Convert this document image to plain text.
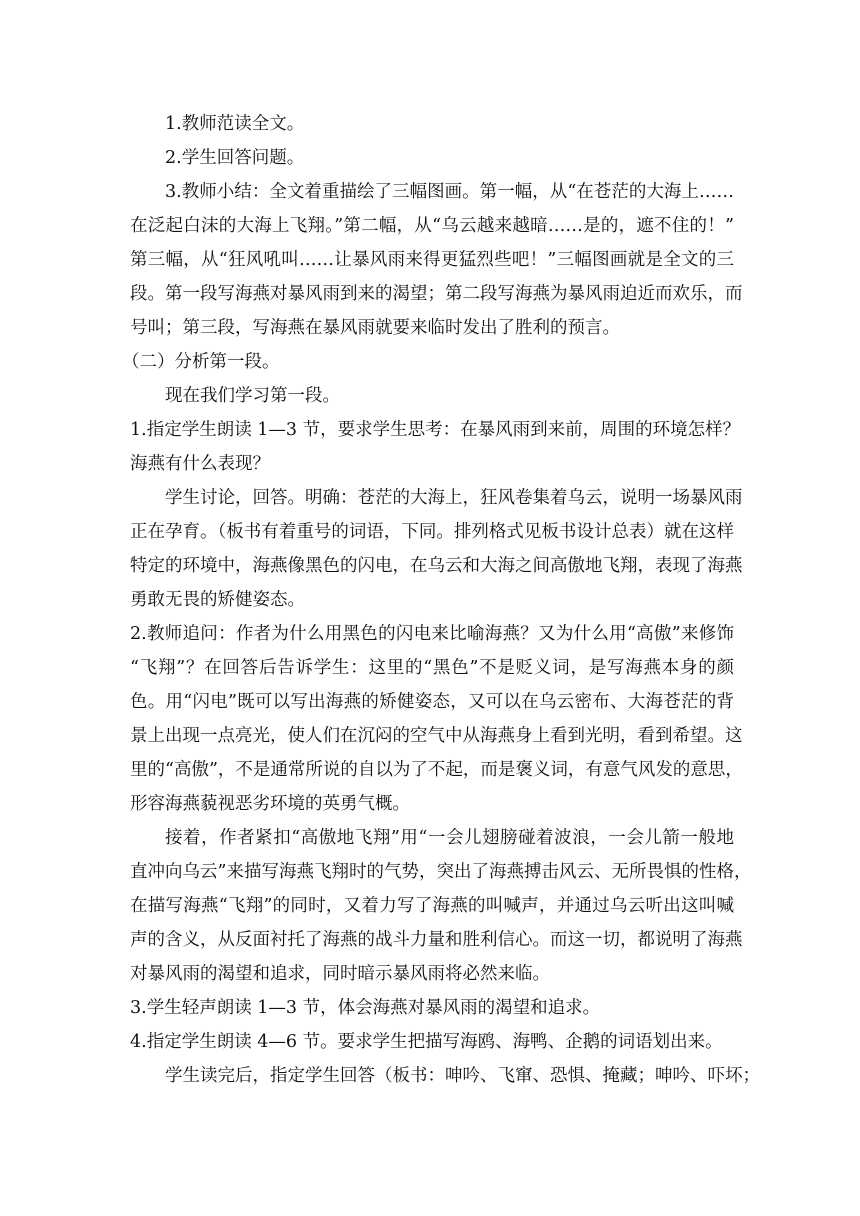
1.教师范读全文。
2.学生回答问题。
3.教师小结：全文着重描绘了三幅图画。第一幅，从“在苍茫的大海上……
在泛起白沫的大海上飞翔。”第二幅，从“乌云越来越暗……是的，遮不住的！”
第三幅，从“狂风吼叫……让暴风雨来得更猛烈些吧！”三幅图画就是全文的三
段。第一段写海燕对暴风雨到来的渴望；第二段写海燕为暴风雨迫近而欢乐，而
号叫；第三段，写海燕在暴风雨就要来临时发出了胜利的预言。
（二）分析第一段。
现在我们学习第一段。
1.指定学生朗读 1—3 节，要求学生思考：在暴风雨到来前，周围的环境怎样？
海燕有什么表现？
学生讨论，回答。明确：苍茫的大海上，狂风卷集着乌云，说明一场暴风雨
正在孕育。（板书有着重号的词语，下同。排列格式见板书设计总表）就在这样
特定的环境中，海燕像黑色的闪电，在乌云和大海之间高傲地飞翔，表现了海燕
勇敢无畏的矫健姿态。
2.教师追问：作者为什么用黑色的闪电来比喻海燕？又为什么用“高傲”来修饰
“飞翔”？在回答后告诉学生：这里的“黑色”不是贬义词，是写海燕本身的颜
色。用“闪电”既可以写出海燕的矫健姿态，又可以在乌云密布、大海苍茫的背
景上出现一点亮光，使人们在沉闷的空气中从海燕身上看到光明，看到希望。这
里的“高傲”，不是通常所说的自以为了不起，而是褒义词，有意气风发的意思，
形容海燕藐视恶劣环境的英勇气概。
接着，作者紧扣“高傲地飞翔”用“一会儿翅膀碰着波浪，一会儿箭一般地
直冲向乌云”来描写海燕飞翔时的气势，突出了海燕搏击风云、无所畏惧的性格，
在描写海燕“飞翔”的同时，又着力写了海燕的叫喊声，并通过乌云听出这叫喊
声的含义，从反面衬托了海燕的战斗力量和胜利信心。而这一切，都说明了海燕
对暴风雨的渴望和追求，同时暗示暴风雨将必然来临。
3.学生轻声朗读 1—3 节，体会海燕对暴风雨的渴望和追求。
4.指定学生朗读 4—6 节。要求学生把描写海鸥、海鸭、企鹅的词语划出来。
学生读完后，指定学生回答（板书：呻吟、飞窜、恐惧、掩藏；呻吟、吓坏；
